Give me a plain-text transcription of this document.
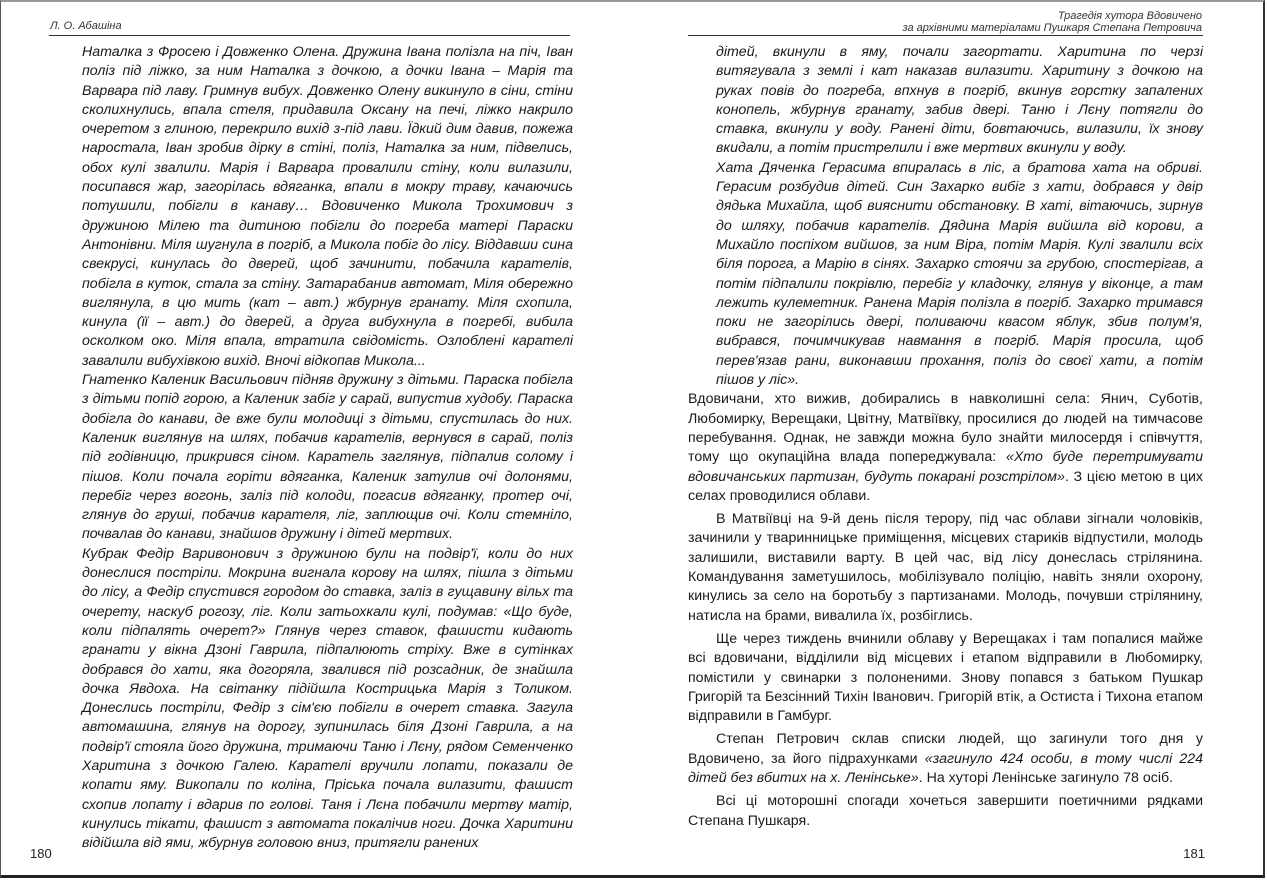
Л. О. Абашіна

Наталка з Фросею і Довженко Олена. Дружина Івана полізла на піч, Іван поліз під ліжко, за ним Наталка з дочкою, а дочки Івана – Марія та Варвара під лаву. Гримнув вибух. Довженко Олену викинуло в сіни, стіни сколихнулись, впала стеля, придавила Оксану на печі, ліжко накрило очеретом з глиною, перекрило вихід з-під лави. Їдкий дим давив, пожежа наростала, Іван зробив дірку в стіні, поліз, Наталка за ним, підвелись, обох кулі звалили. Марія і Варвара провалили стіну, коли вилазили, посипався жар, загорілась вдяганка, впали в мокру траву, качаючись потушили, побігли в канаву… Вдовиченко Микола Трохимович з дружиною Мілею та дитиною побігли до погреба матері Параски Антонівни. Міля шугнула в погріб, а Микола побіг до лісу. Віддавши сина свекрусі, кинулась до дверей, щоб зачинити, побачила карателів, побігла в куток, стала за стіну. Затарабанив автомат, Міля обережно виглянула, в цю мить (кат – авт.) жбурнув гранату. Міля схопила, кинула (її – авт.) до дверей, а друга вибухнула в погребі, вибила осколком око. Міля впала, втратила свідомість. Озлоблені карателі завалили вибухівкою вихід. Вночі відкопав Микола...

Гнатенко Каленик Васильович підняв дружину з дітьми. Параска побігла з дітьми попід горою, а Каленик забіг у сарай, випустив худобу. Параска добігла до канави, де вже були молодиці з дітьми, спустилась до них. Каленик виглянув на шлях, побачив карателів, вернувся в сарай, поліз під годівницю, прикрився сіном. Каратель заглянув, підпалив солому і пішов. Коли почала горіти вдяганка, Каленик затулив очі долонями, перебіг через вогонь, заліз під колоди, погасив вдяганку, протер очі, глянув до груші, побачив карателя, ліг, заплющив очі. Коли стемніло, почвалав до канави, знайшов дружину і дітей мертвих.

Кубрак Федір Варивонович з дружиною були на подвір'ї, коли до них донеслися постріли. Мокрина вигнала корову на шлях, пішла з дітьми до лісу, а Федір спустився городом до ставка, заліз в гущавину вільх та очерету, наскуб рогозу, ліг. Коли затьохкали кулі, подумав: «Що буде, коли підпалять очерет?» Глянув через ставок, фашисти кидають гранати у вікна Дзоні Гаврила, підпалюють стріху. Вже в сутінках добрався до хати, яка догоряла, звалився під розсадник, де знайшла дочка Явдоха. На світанку підійшла Кострицька Марія з Толиком. Донеслись постріли, Федір з сім'єю побігли в очерет ставка. Загула автомашина, глянув на дорогу, зупинилась біля Дзоні Гаврила, а на подвір'ї стояла його дружина, тримаючи Таню і Лєну, рядом Семенченко Харитина з дочкою Галею. Карателі вручили лопати, показали де копати яму. Викопали по коліна, Пріська почала вилазити, фашист схопив лопату і вдарив по голові. Таня і Лєна побачили мертву матір, кинулись тікати, фашист з автомата покалічив ноги. Дочка Харитини відійшла від ями, жбурнув головою вниз, притягли ранених

180
Трагедія хутора Вдовичено
за архівними матеріалами Пушкаря Степана Петровича

дітей, вкинули в яму, почали загортати. Харитина по черзі витягувала з землі і кат наказав вилазити. Харитину з дочкою на руках повів до погреба, впхнув в погріб, вкинув горстку запалених конопель, жбурнув гранату, забив двері. Таню і Лєну потягли до ставка, вкинули у воду. Ранені діти, бовтаючись, вилазили, їх знову вкидали, а потім пристрелили і вже мертвих вкинули у воду.

Хата Дяченка Герасима впиралась в ліс, а братова хата на обриві. Герасим розбудив дітей. Син Захарко вибіг з хати, добрався у двір дядька Михайла, щоб вияснити обстановку. В хаті, вітаючись, зирнув до шляху, побачив карателів. Дядина Марія вийшла від корови, а Михайло поспіхом вийшов, за ним Віра, потім Марія. Кулі звалили всіх біля порога, а Марію в сінях. Захарко стоячи за грубою, спостерігав, а потім підпалили покрівлю, перебіг у кладочку, глянув у віконце, а там лежить кулеметник. Ранена Марія полізла в погріб. Захарко тримався поки не загорілись двері, поливаючи квасом яблук, збив полум'я, вибрався, почимчикував навмання в погріб. Марія просила, щоб перев'язав рани, виконавши прохання, поліз до своєї хати, а потім пішов у ліс».

Вдовичани, хто вижив, добирались в навколишні села: Янич, Суботів, Любомирку, Верещаки, Цвітну, Матвіївку, просилися до людей на тимчасове перебування. Однак, не завжди можна було знайти милосердя і співчуття, тому що окупаційна влада попереджувала: «Хто буде перетримувати вдовичанських партизан, будуть покарані розстрілом». З цією метою в цих селах проводилися облави.

В Матвіївці на 9-й день після терору, під час облави зігнали чоловіків, зачинили у тваринницьке приміщення, місцевих стариків відпустили, молодь залишили, виставили варту. В цей час, від лісу донеслась стрілянина. Командування заметушилось, мобілізувало поліцію, навіть зняли охорону, кинулись за село на боротьбу з партизанами. Молодь, почувши стрілянину, натисла на брами, вивалила їх, розбіглись.

Ще через тиждень вчинили облаву у Верещаках і там попалися майже всі вдовичани, відділили від місцевих і етапом відправили в Любомирку, помістили у свинарки з полоненими. Знову попався з батьком Пушкар Григорій та Безсінний Тихін Іванович. Григорій втік, а Остиста і Тихона етапом відправили в Гамбург.

Степан Петрович склав списки людей, що загинули того дня у Вдовичено, за його підрахунками «загинуло 424 особи, в тому числі 224 дітей без вбитих на х. Ленінське». На хуторі Ленінське загинуло 78 осіб.

Всі ці моторошні спогади хочеться завершити поетичними рядками Степана Пушкаря.

181
